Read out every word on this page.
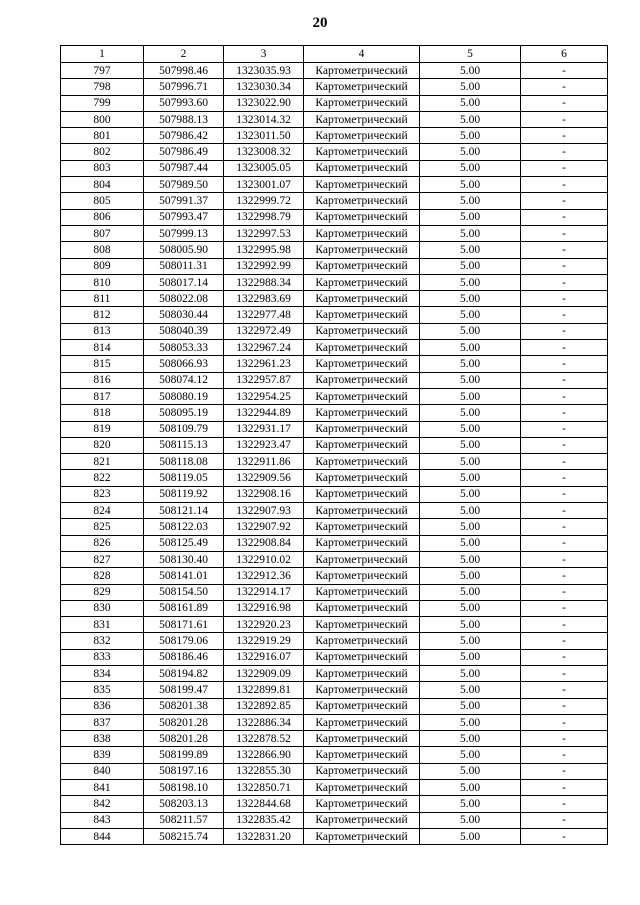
20
1	2	3	4	5	6
797	507998.46	1323035.93	Картометрический	5.00	-
798	507996.71	1323030.34	Картометрический	5.00	-
799	507993.60	1323022.90	Картометрический	5.00	-
800	507988.13	1323014.32	Картометрический	5.00	-
801	507986.42	1323011.50	Картометрический	5.00	-
802	507986.49	1323008.32	Картометрический	5.00	-
803	507987.44	1323005.05	Картометрический	5.00	-
804	507989.50	1323001.07	Картометрический	5.00	-
805	507991.37	1322999.72	Картометрический	5.00	-
806	507993.47	1322998.79	Картометрический	5.00	-
807	507999.13	1322997.53	Картометрический	5.00	-
808	508005.90	1322995.98	Картометрический	5.00	-
809	508011.31	1322992.99	Картометрический	5.00	-
810	508017.14	1322988.34	Картометрический	5.00	-
811	508022.08	1322983.69	Картометрический	5.00	-
812	508030.44	1322977.48	Картометрический	5.00	-
813	508040.39	1322972.49	Картометрический	5.00	-
814	508053.33	1322967.24	Картометрический	5.00	-
815	508066.93	1322961.23	Картометрический	5.00	-
816	508074.12	1322957.87	Картометрический	5.00	-
817	508080.19	1322954.25	Картометрический	5.00	-
818	508095.19	1322944.89	Картометрический	5.00	-
819	508109.79	1322931.17	Картометрический	5.00	-
820	508115.13	1322923.47	Картометрический	5.00	-
821	508118.08	1322911.86	Картометрический	5.00	-
822	508119.05	1322909.56	Картометрический	5.00	-
823	508119.92	1322908.16	Картометрический	5.00	-
824	508121.14	1322907.93	Картометрический	5.00	-
825	508122.03	1322907.92	Картометрический	5.00	-
826	508125.49	1322908.84	Картометрический	5.00	-
827	508130.40	1322910.02	Картометрический	5.00	-
828	508141.01	1322912.36	Картометрический	5.00	-
829	508154.50	1322914.17	Картометрический	5.00	-
830	508161.89	1322916.98	Картометрический	5.00	-
831	508171.61	1322920.23	Картометрический	5.00	-
832	508179.06	1322919.29	Картометрический	5.00	-
833	508186.46	1322916.07	Картометрический	5.00	-
834	508194.82	1322909.09	Картометрический	5.00	-
835	508199.47	1322899.81	Картометрический	5.00	-
836	508201.38	1322892.85	Картометрический	5.00	-
837	508201.28	1322886.34	Картометрический	5.00	-
838	508201.28	1322878.52	Картометрический	5.00	-
839	508199.89	1322866.90	Картометрический	5.00	-
840	508197.16	1322855.30	Картометрический	5.00	-
841	508198.10	1322850.71	Картометрический	5.00	-
842	508203.13	1322844.68	Картометрический	5.00	-
843	508211.57	1322835.42	Картометрический	5.00	-
844	508215.74	1322831.20	Картометрический	5.00	-
